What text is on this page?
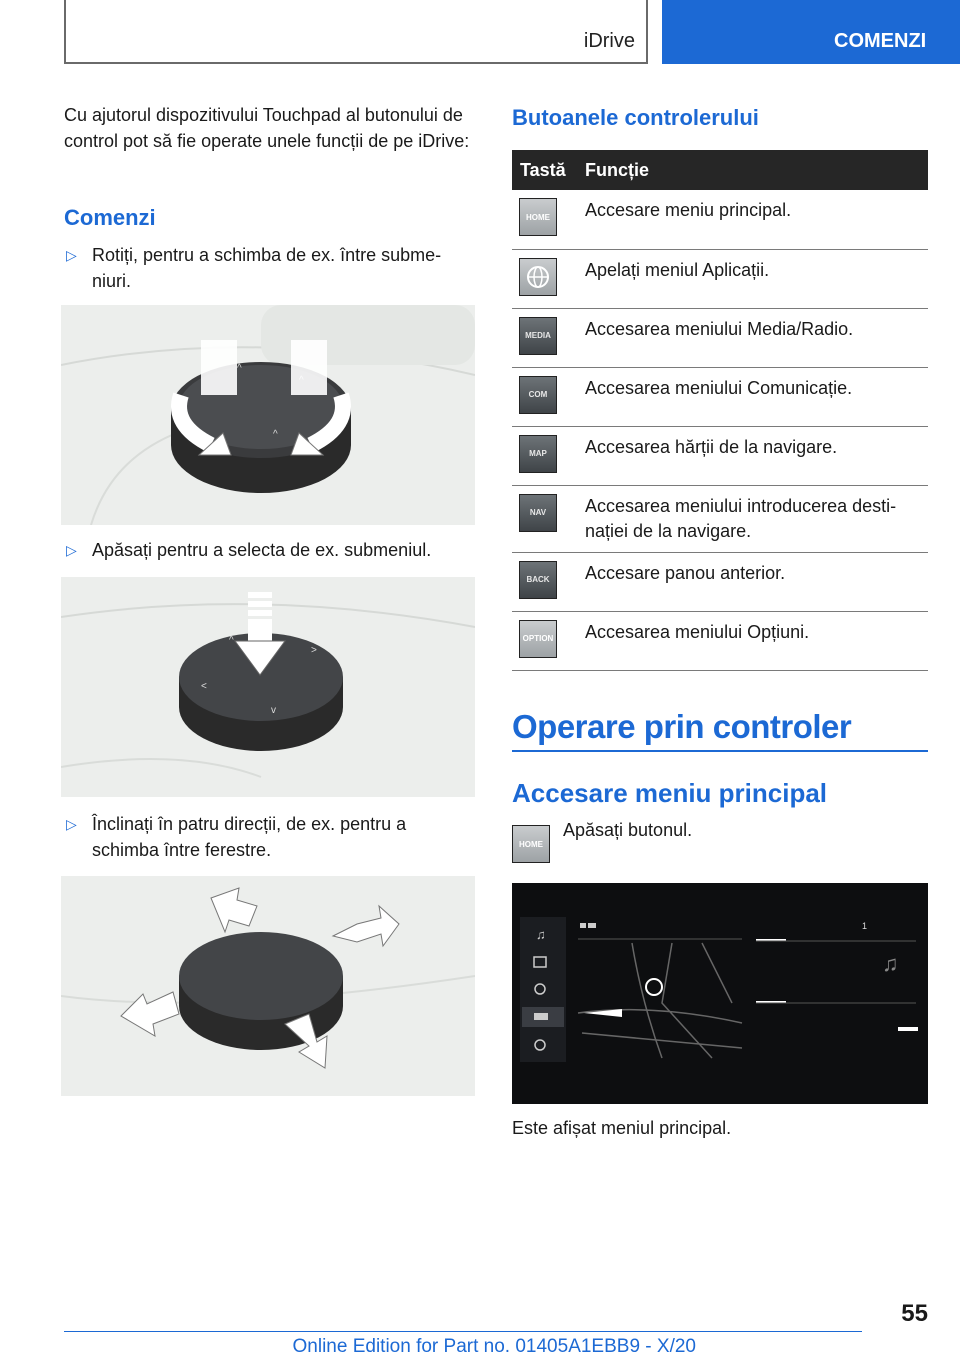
iDrive	COMENZI
Cu ajutorul dispozitivului Touchpad al butonului de control pot să fie operate unele funcții de pe iDrive:
Comenzi
▷ Rotiți, pentru a schimba de ex. între subme-niuri.
^
^
▷ Apăsați pentru a selecta de ex. submeniul.
^
<
>
v
▷ Înclinați în patru direcții, de ex. pentru a schimba între ferestre.
Butoanele controlerului
Tastă	Funcție

HOME	Accesare meniu principal.

	Apelați meniul Aplicații.

MEDIA	Accesarea meniului Media/Radio.

COM	Accesarea meniului Comunicație.

MAP	Accesarea hărții de la navigare.

NAV	Accesarea meniului introducerea desti-nației de la navigare.

BACK	Accesare panou anterior.

OPTION	Accesarea meniului Opțiuni.
Operare prin controler
Accesare meniu principal
HOME
Apăsați butonul.
♫
1
♫
Este afișat meniul principal.
55
Online Edition for Part no. 01405A1EBB9 - X/20
